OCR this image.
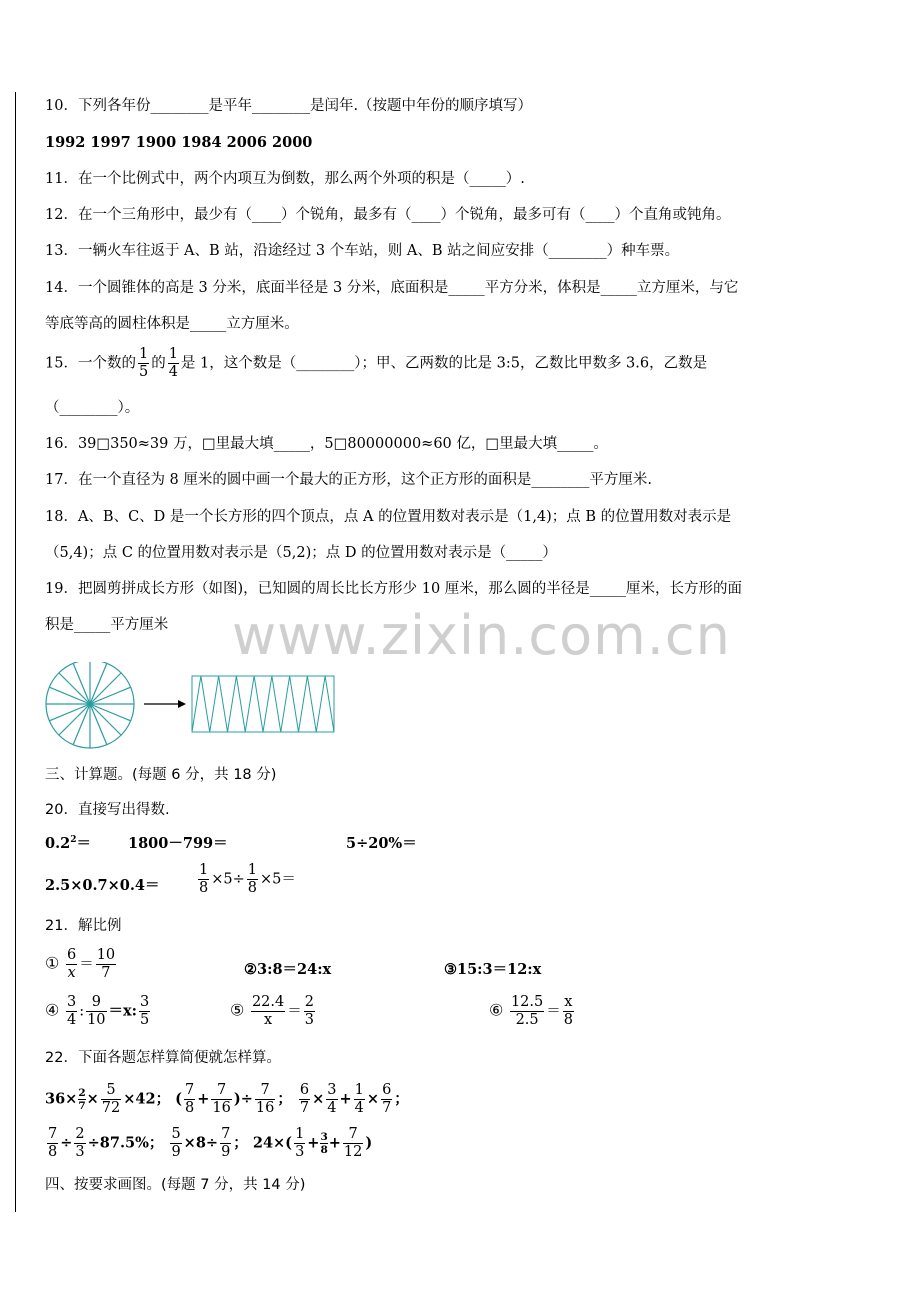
www.zixin.com.cn
10．下列各年份________是平年________是闰年.（按题中年份的顺序填写）
1992 1997 1900 1984 2006 2000
11．在一个比例式中，两个内项互为倒数，那么两个外项的积是（_____）.
12．在一个三角形中，最少有（____）个锐角，最多有（____）个锐角，最多可有（____）个直角或钝角。
13．一辆火车往返于 A、B 站，沿途经过 3 个车站，则 A、B 站之间应安排（________）种车票。
14．一个圆锥体的高是 3 分米，底面半径是 3 分米，底面积是_____平方分米，体积是_____立方厘米，与它
等底等高的圆柱体积是_____立方厘米。
15．一个数的 $\frac{1}{5}$ 的 $\frac{1}{4}$ 是 1，这个数是（________）；甲、乙两数的比是 3:5，乙数比甲数多 3.6，乙数是
（________）。
16．39□350≈39 万，□里最大填_____，5□80000000≈60 亿，□里最大填_____。
17．在一个直径为 8 厘米的圆中画一个最大的正方形，这个正方形的面积是________平方厘米.
18．A、B、C、D 是一个长方形的四个顶点，点 A 的位置用数对表示是（1,4)；点 B 的位置用数对表示是
（5,4)；点 C 的位置用数对表示是（5,2)；点 D 的位置用数对表示是（_____）
19．把圆剪拼成长方形（如图)，已知圆的周长比长方形少 10 厘米，那么圆的半径是_____厘米，长方形的面
积是_____平方厘米
三、计算题。(每题 6 分，共 18 分)
20．直接写出得数.
$0.2^2=$	1800－799＝	5÷20%＝
2.5×0.7×0.4＝	$\frac{1}{8} \times 5\div \frac{1}{8} \times 5=$
21．解比例
① $\frac{6}{x} = \frac{10}{7}$	②3:8＝24:x	③15:3＝12:x
④ $\frac{3}{4}$ : $\frac{9}{10} =x$: $\frac{3}{5}$	⑤ $\frac{22.4}{x} = \frac{2}{3}$	⑥ $\frac{12.5}{2.5} = \frac{x}{8}$
22．下面各题怎样算简便就怎样算。
$36\times \frac{2}{7} \times \frac{5}{72} \times 42$； ( $\frac{7}{8} + \frac{7}{16}$ )÷ $\frac{7}{16}$ ； $\frac{6}{7} \times \frac{3}{4} + \frac{1}{4} \times \frac{6}{7}$ ；
$\frac{7}{8} \div \frac{2}{3} \div 87.5\%$； $\frac{5}{9} \times 8\div \frac{7}{9}$ ； $24\times( \frac{1}{3} + \frac{3}{8} + \frac{7}{12}$ )
四、按要求画图。(每题 7 分，共 14 分)
